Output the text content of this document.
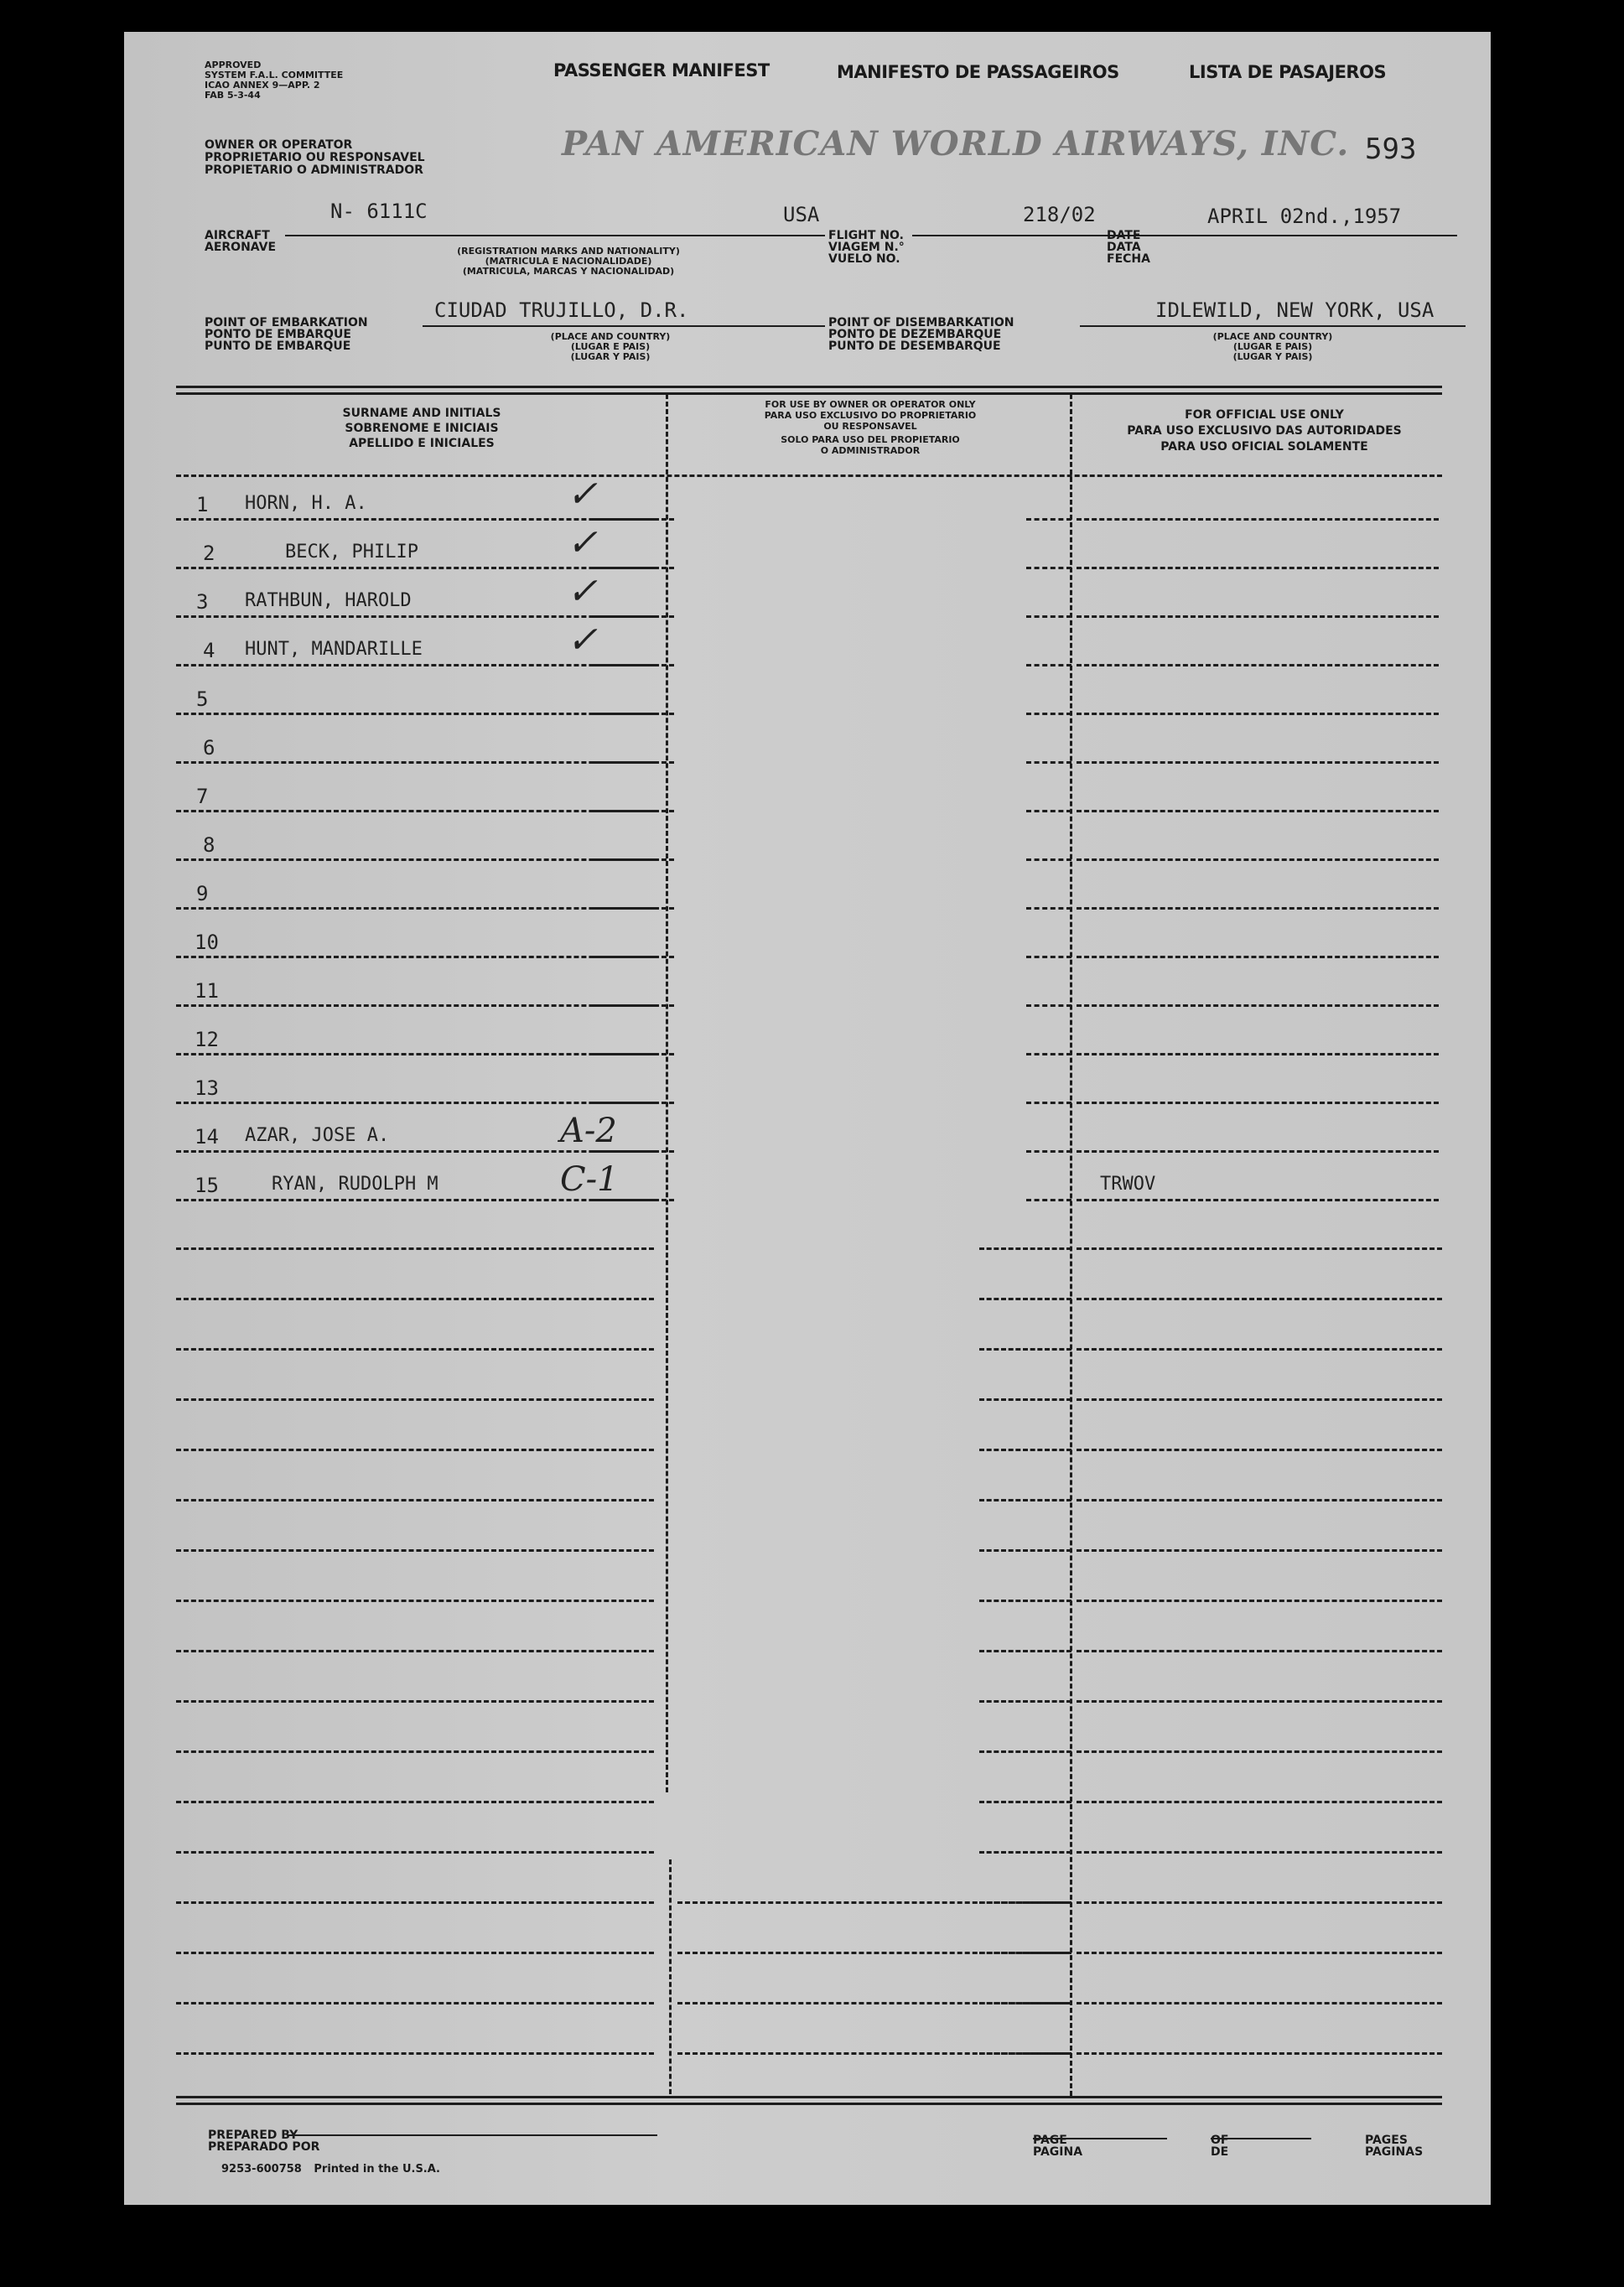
APPROVED
SYSTEM F.A.L. COMMITTEE
ICAO ANNEX 9—APP. 2
FAB 5-3-44
PASSENGER MANIFEST	MANIFESTO DE PASSAGEIROS	LISTA DE PASAJEROS
OWNER OR OPERATOR
PROPRIETARIO OU RESPONSAVEL
PROPIETARIO O ADMINISTRADOR
PAN AMERICAN WORLD AIRWAYS, INC. 593
N- 6111C	USA	218/02	APRIL 02nd.,1957
AIRCRAFT
AERONAVE	(REGISTRATION MARKS AND NATIONALITY)
(MATRICULA E NACIONALIDADE)
(MATRICULA, MARCAS Y NACIONALIDAD)
FLIGHT NO.
VIAGEM N.°
VUELO NO.
DATE
DATA
FECHA
CIUDAD TRUJILLO, D.R.	IDLEWILD, NEW YORK, USA
POINT OF EMBARKATION
PONTO DE EMBARQUE
PUNTO DE EMBARQUE
(PLACE AND COUNTRY)
(LUGAR E PAIS)
(LUGAR Y PAIS)
POINT OF DISEMBARKATION
PONTO DE DEZEMBARQUE
PUNTO DE DESEMBARQUE
(PLACE AND COUNTRY)
(LUGAR E PAIS)
(LUGAR Y PAIS)
SURNAME AND INITIALS
SOBRENOME E INICIAIS
APELLIDO E INICIALES
FOR USE BY OWNER OR OPERATOR ONLY
PARA USO EXCLUSIVO DO PROPRIETARIO
OU RESPONSAVEL
SOLO PARA USO DEL PROPIETARIO
O ADMINISTRADOR
FOR OFFICIAL USE ONLY
PARA USO EXCLUSIVO DAS AUTORIDADES
PARA USO OFICIAL SOLAMENTE
1 HORN, H. A.	✓
2	BECK, PHILIP	✓
3 RATHBUN, HAROLD	✓
4 HUNT, MANDARILLE	✓
5
6
7
8
9
10
11
12
13
14 AZAR, JOSE A.	A-2
15	RYAN, RUDOLPH M	C-1	TRWOV
PREPARED BY
PREPARADO POR
9253-600758 Printed in the U.S.A.
PAGE
PAGINA
OF
DE
PAGES
PAGINAS
